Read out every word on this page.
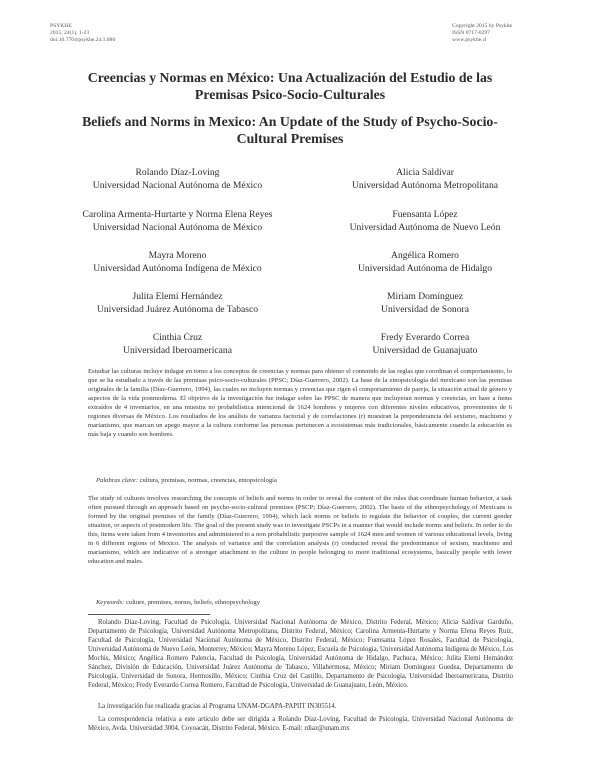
PSYKHE
2015, 24(1), 1-23
doi:10.7764/psykhe.24.1.880
Copyright 2015 by Psykhe
ISSN 0717-0297
www.psykhe.cl
Creencias y Normas en México: Una Actualización del Estudio de las Premisas Psico-Socio-Culturales
Beliefs and Norms in Mexico: An Update of the Study of Psycho-Socio-Cultural Premises
Rolando Díaz-Loving
Universidad Nacional Autónoma de México
Alicia Saldívar
Universidad Autónoma Metropolitana
Carolina Armenta-Hurtarte y Norma Elena Reyes
Universidad Nacional Autónoma de México
Fuensanta López
Universidad Autónoma de Nuevo León
Mayra Moreno
Universidad Autónoma Indígena de México
Angélica Romero
Universidad Autónoma de Hidalgo
Julita Elemí Hernández
Universidad Juárez Autónoma de Tabasco
Miriam Domínguez
Universidad de Sonora
Cinthia Cruz
Universidad Iberoamericana
Fredy Everardo Correa
Universidad de Guanajuato
Estudiar las culturas incluye indagar en torno a los conceptos de creencias y normas para obtener el contenido de las reglas que coordinan el comportamiento, lo que se ha estudiado a través de las premisas psico-socio-culturales (PPSC; Díaz-Guerrero, 2002). La base de la etnopsicología del mexicano son las premisas originales de la familia (Díaz-Guerrero, 1994), las cuales no incluyen normas y creencias que rigen el comportamiento de pareja, la situación actual de género y aspectos de la vida postmoderna. El objetivo de la investigación fue indagar sobre las PPSC de manera que incluyeran normas y creencias, en base a ítems extraídos de 4 inventarios, en una muestra no probabilística intencional de 1624 hombres y mujeres con diferentes niveles educativos, provenientes de 6 regiones diversas de México. Los resultados de los análisis de varianza factorial y de correlaciones (r) muestran la preponderancia del sexismo, machismo y marianismo, que marcan un apego mayor a la cultura conforme las personas pertenecen a ecosistemas más tradicionales, básicamente cuando la educación es más baja y cuando son hombres.
Palabras clave: cultura, premisas, normas, creencias, etnopsicología
The study of cultures involves researching the concepts of beliefs and norms in order to reveal the content of the rules that coordinate human behavior, a task often pursued through an approach based on psycho-socio-cultural premises (PSCP; Díaz-Guerrero, 2002). The basis of the ethnopsychology of Mexicans is formed by the original premises of the family (Díaz-Guerrero, 1994), which lack norms or beliefs to regulate the behavior of couples, the current gender situation, or aspects of postmodern life. The goal of the present study was to investigate PSCPs in a manner that would include norms and beliefs. In order to do this, items were taken from 4 inventories and administered to a non probabilistic purposive sample of 1624 men and women of various educational levels, living in 6 different regions of Mexico. The analysis of variance and the correlation analysis (r) conducted reveal the predominance of sexism, machismo and marianismo, which are indicative of a stronger attachment to the culture in people belonging to more traditional ecosystems, basically people with lower education and males.
Keywords: culture, premises, norms, beliefs, ethnopsychology

Rolando Díaz-Loving, Facultad de Psicología, Universidad Nacional Autónoma de México, Distrito Federal, México; Alicia Saldívar Garduño, Departamento de Psicología, Universidad Autónoma Metropolitana, Distrito Federal, México; Carolina Armenta-Hurtarte y Norma Elena Reyes Ruiz, Facultad de Psicología, Universidad Nacional Autónoma de México, Distrito Federal, México; Fuensanta López Rosales, Facultad de Psicología, Universidad Autónoma de Nuevo León, Monterrey, México; Mayra Moreno López, Escuela de Psicología, Universidad Autónoma Indígena de México, Los Mochis, México; Angélica Romero Palencia, Facultad de Psicología, Universidad Autónoma de Hidalgo, Pachuca, México; Julita Elemí Hernández Sánchez, División de Educación, Universidad Juárez Autónoma de Tabasco, Villahermosa, México; Miriam Domínguez Guedea, Departamento de Psicología, Universidad de Sonora, Hermosillo, México; Cinthia Cruz del Castillo, Departamento de Psicología, Universidad Iberoamericana, Distrito Federal, México; Fredy Everardo Correa Romero, Facultad de Psicología, Universidad de Guanajuato, León, México.

La investigación fue realizada gracias al Programa UNAM-DGAPA-PAPIIT IN305514.

La correspondencia relativa a este artículo debe ser dirigida a Rolando Díaz-Loving, Facultad de Psicología, Universidad Nacional Autónoma de México, Avda. Universidad 3004, Coyoacán, Distrito Federal, México. E-mail: rdiaz@unam.mx
